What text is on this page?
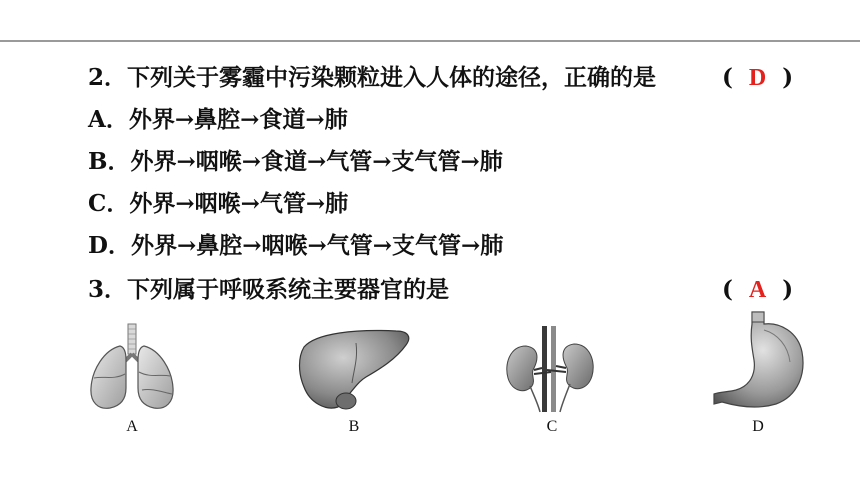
2．下列关于雾霾中污染颗粒进入人体的途径，正确的是	(  D  )
A．外界→鼻腔→食道→肺
B．外界→咽喉→食道→气管→支气管→肺
C．外界→咽喉→气管→肺
D．外界→鼻腔→咽喉→气管→支气管→肺
3．下列属于呼吸系统主要器官的是	(  A  )
A	B	C	D
